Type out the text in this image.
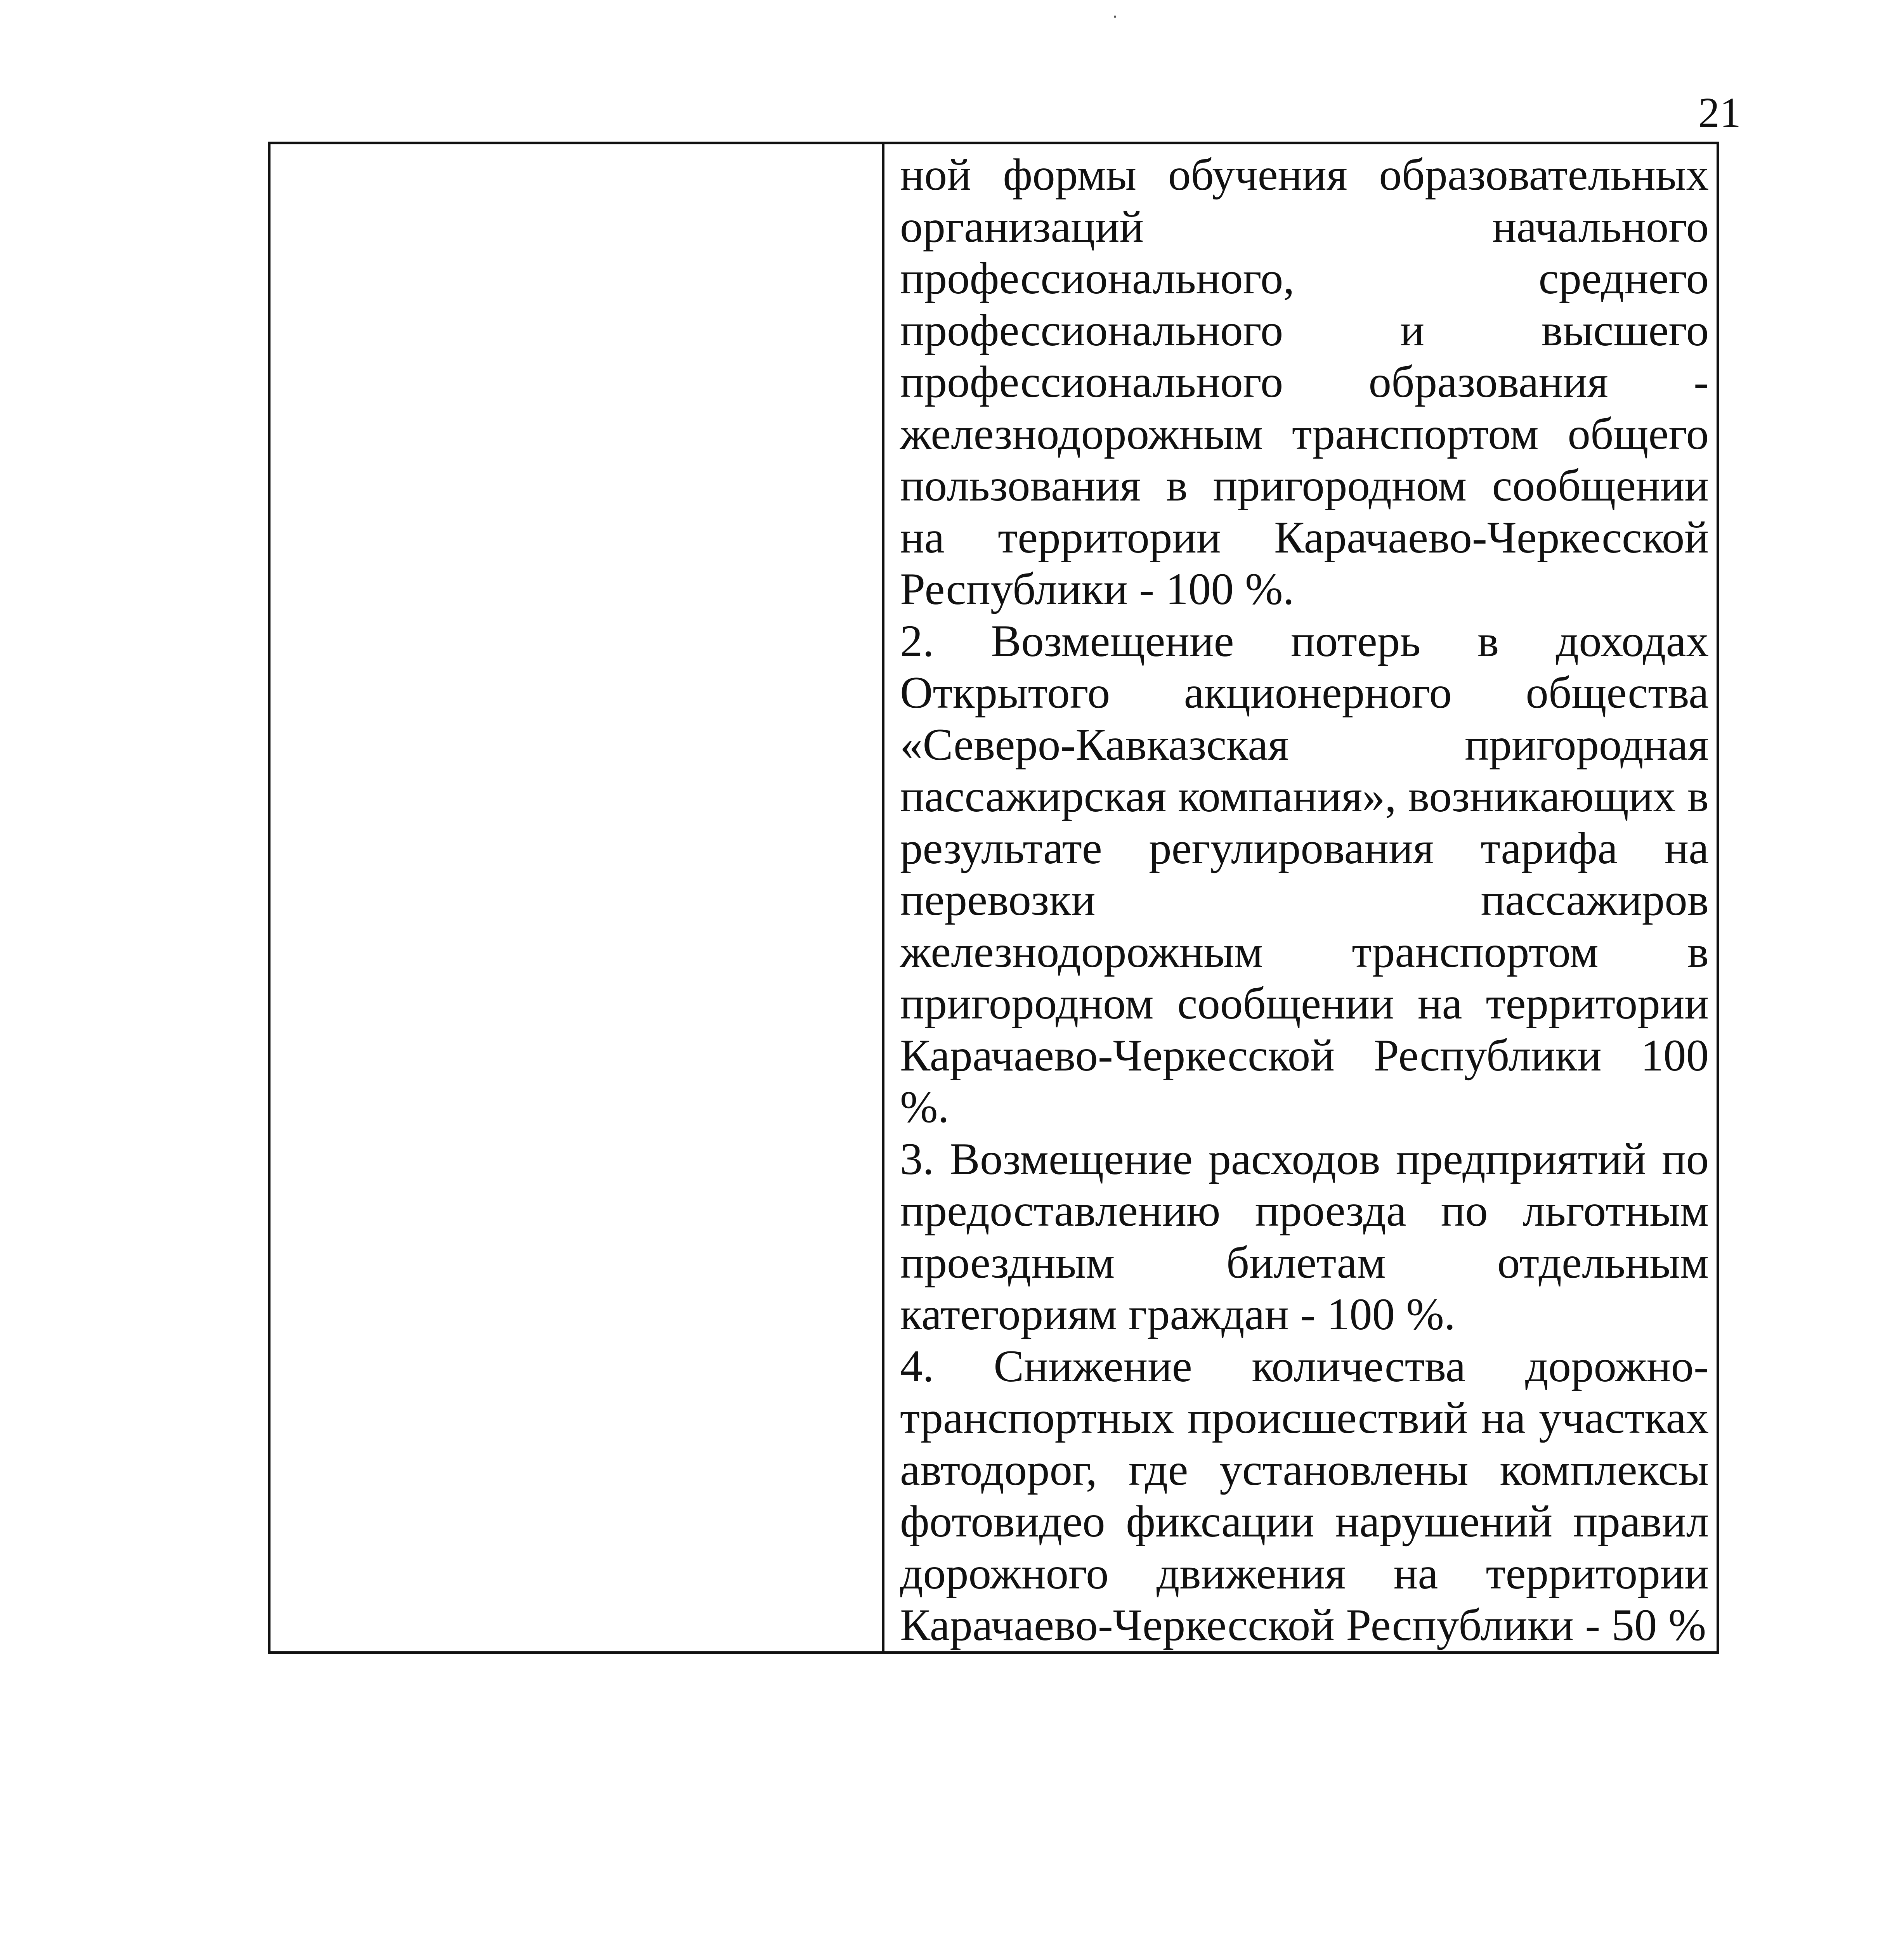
21

ной формы обучения образовательных организаций начального профессионального, среднего профессионального и высшего профессионального образования - железнодорожным транспортом общего пользования в пригородном сообщении на территории Карачаево-Черкесской Республики - 100 %.
2. Возмещение потерь в доходах Открытого акционерного общества «Северо-Кавказская пригородная пассажирская компания», возникающих в результате регулирования тарифа на перевозки пассажиров железнодорожным транспортом в пригородном сообщении на территории Карачаево-Черкесской Республики 100 %.
3. Возмещение расходов предприятий по предоставлению проезда по льготным проездным билетам отдельным категориям граждан - 100 %.
4. Снижение количества дорожно-транспортных происшествий на участках автодорог, где установлены комплексы фотовидео фиксации нарушений правил дорожного движения на территории Карачаево-Черкесской Республики - 50 %
